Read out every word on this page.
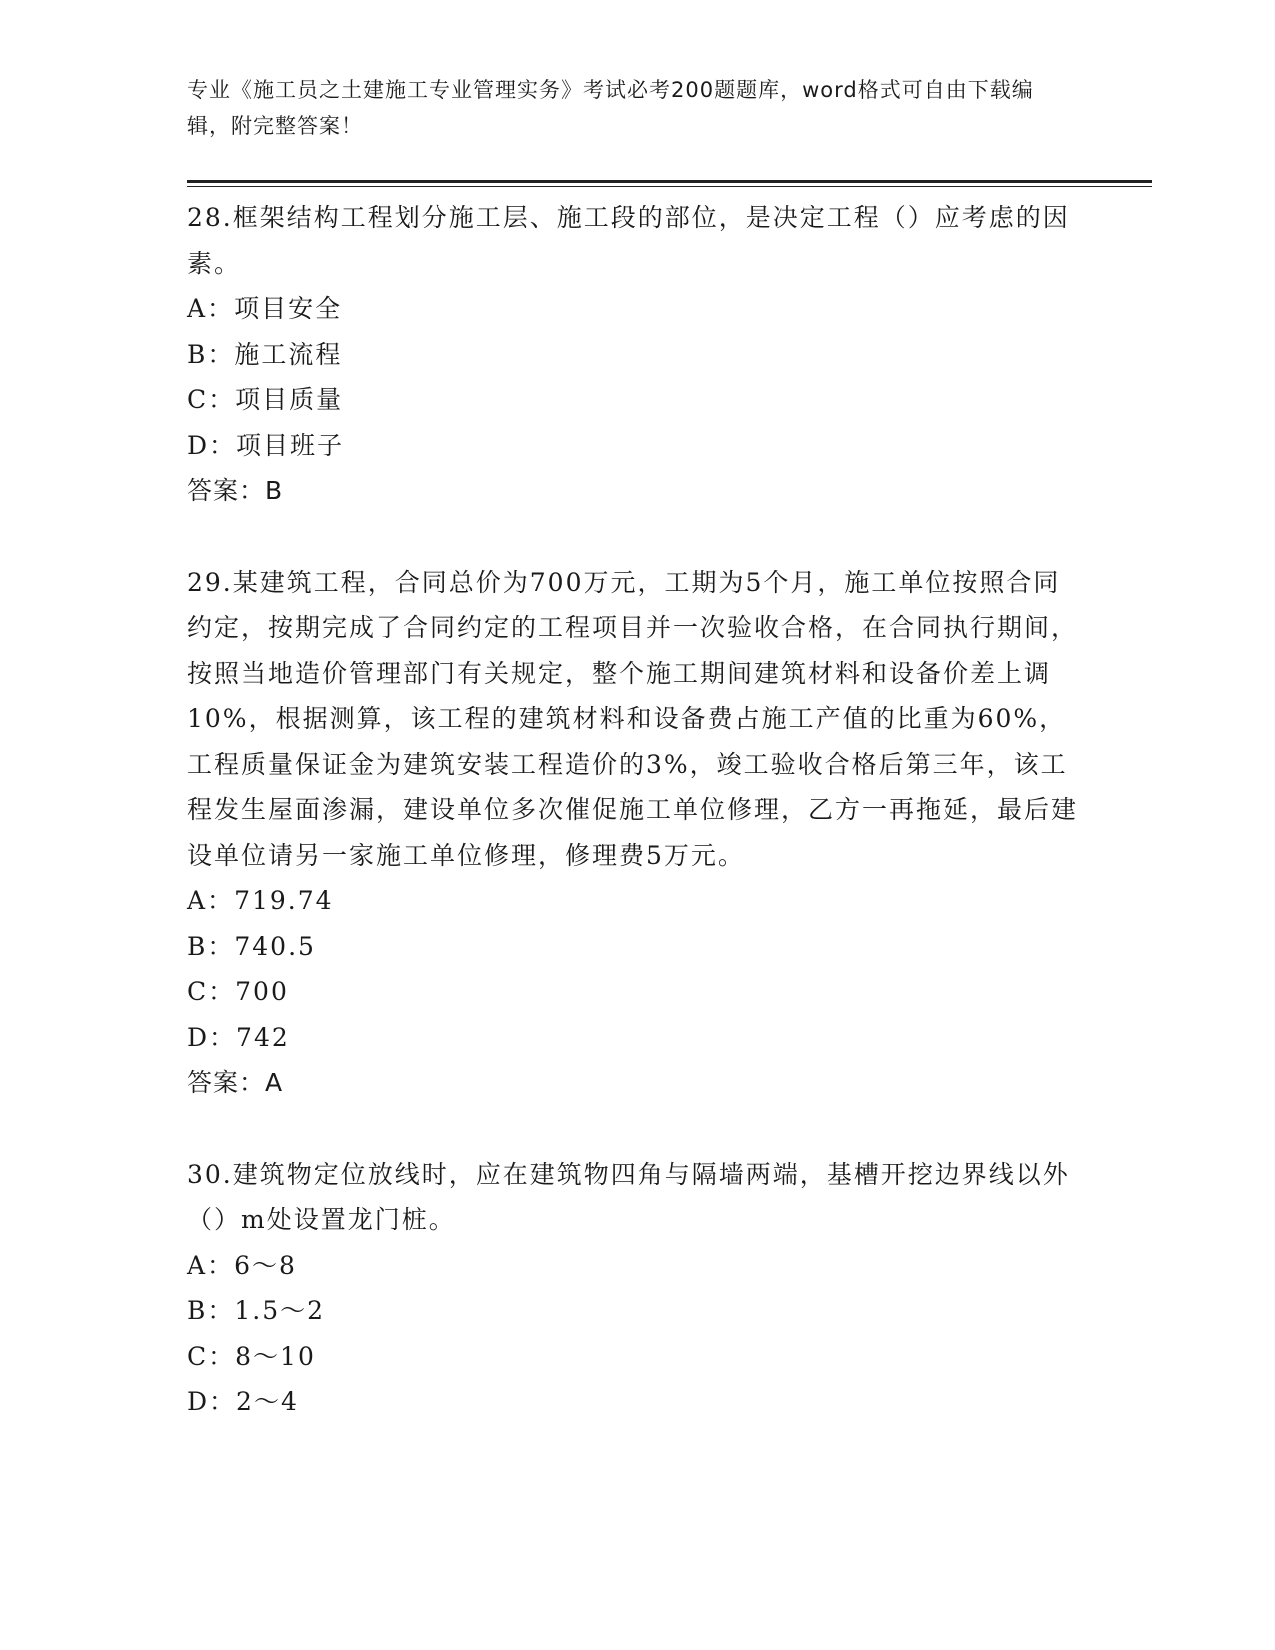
专业《施工员之土建施工专业管理实务》考试必考200题题库，word格式可自由下载编辑，附完整答案！

28.框架结构工程划分施工层、施工段的部位，是决定工程（）应考虑的因素。

A： 项目安全

B： 施工流程

C： 项目质量

D： 项目班子

答案：B

29.某建筑工程，合同总价为700万元，工期为5个月，施工单位按照合同约定，按期完成了合同约定的工程项目并一次验收合格，在合同执行期间，按照当地造价管理部门有关规定，整个施工期间建筑材料和设备价差上调10%，根据测算，该工程的建筑材料和设备费占施工产值的比重为60%，工程质量保证金为建筑安装工程造价的3%，竣工验收合格后第三年，该工程发生屋面渗漏，建设单位多次催促施工单位修理，乙方一再拖延，最后建设单位请另一家施工单位修理，修理费5万元。

A： 719.74

B： 740.5

C： 700

D： 742

答案：A

30.建筑物定位放线时，应在建筑物四角与隔墙两端，基槽开挖边界线以外（）m处设置龙门桩。

A： 6～8

B： 1.5～2

C： 8～10

D： 2～4
